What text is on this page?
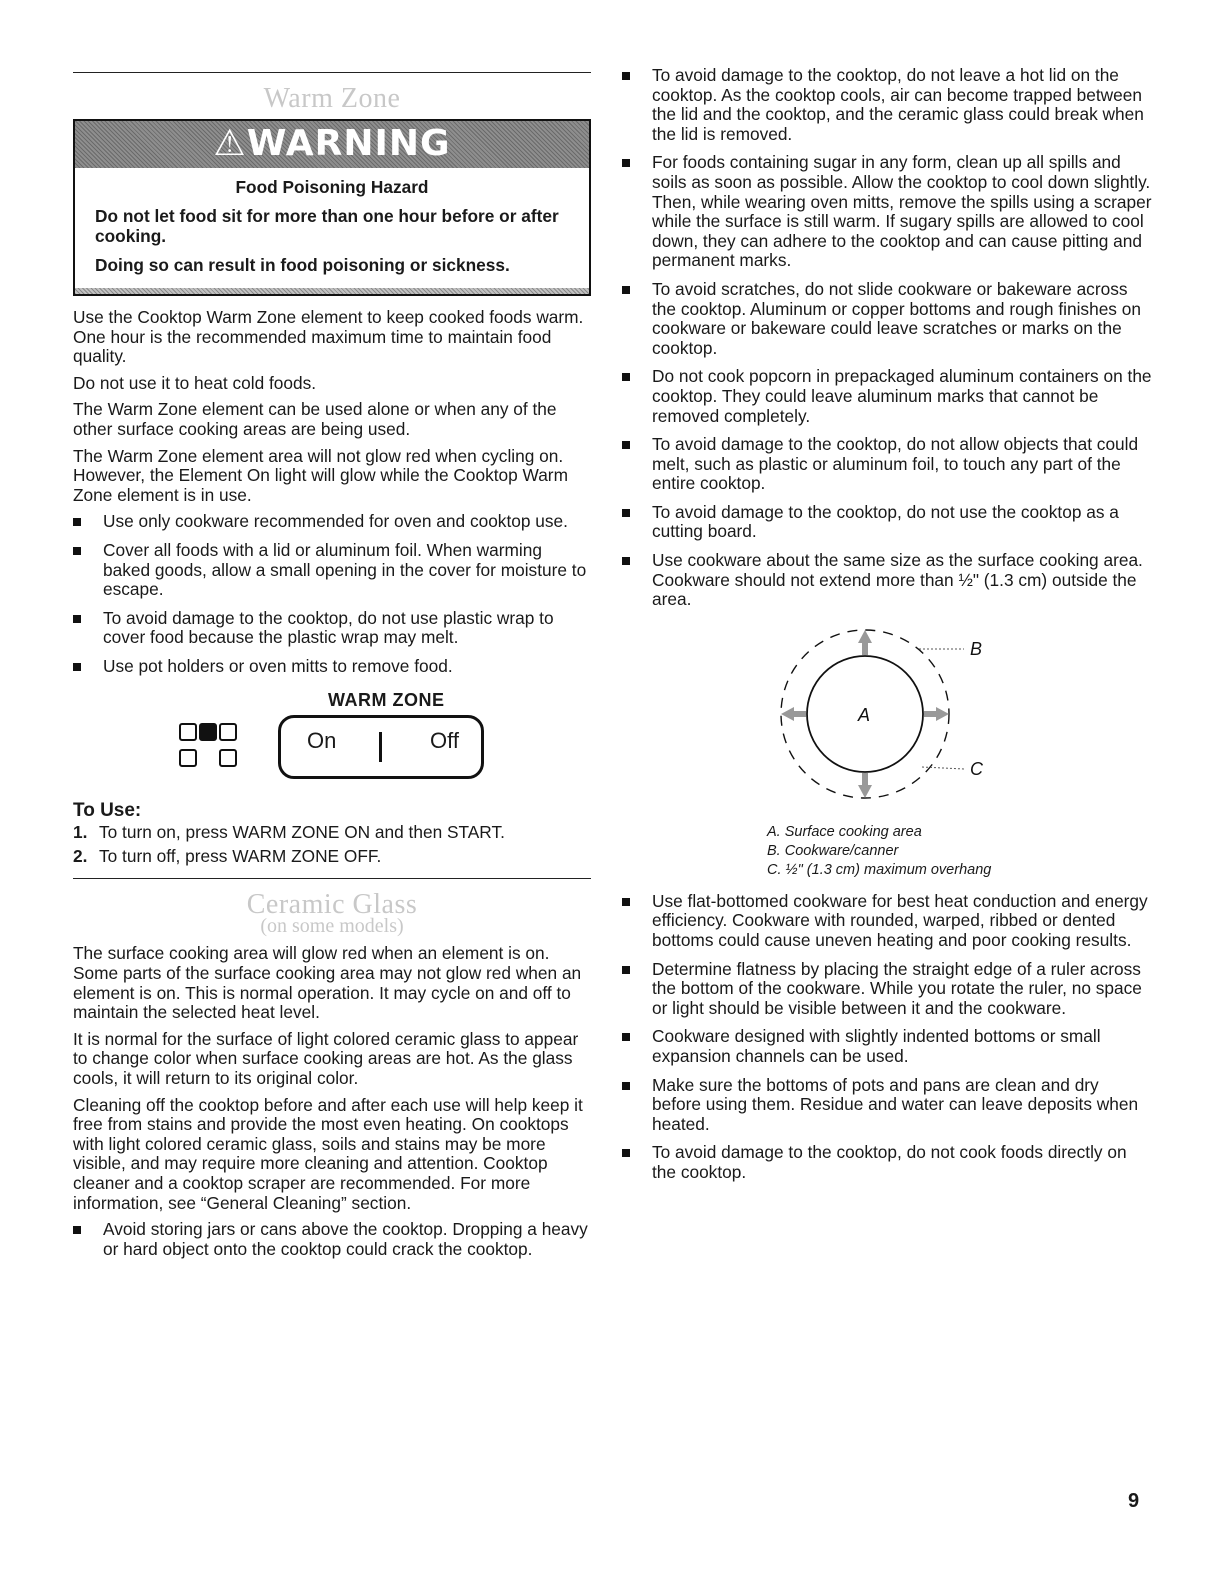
Warm Zone
⚠ WARNING
Food Poisoning Hazard
Do not let food sit for more than one hour before or after cooking.
Doing so can result in food poisoning or sickness.

Use the Cooktop Warm Zone element to keep cooked foods warm. One hour is the recommended maximum time to maintain food quality.

Do not use it to heat cold foods.

The Warm Zone element can be used alone or when any of the other surface cooking areas are being used.

The Warm Zone element area will not glow red when cycling on. However, the Element On light will glow while the Cooktop Warm Zone element is in use.

Use only cookware recommended for oven and cooktop use.
Cover all foods with a lid or aluminum foil. When warming baked goods, allow a small opening in the cover for moisture to escape.
To avoid damage to the cooktop, do not use plastic wrap to cover food because the plastic wrap may melt.
Use pot holders or oven mitts to remove food.
WARM ZONE
On	Off
To Use:
1. To turn on, press WARM ZONE ON and then START.
2. To turn off, press WARM ZONE OFF.
Ceramic Glass
(on some models)

The surface cooking area will glow red when an element is on. Some parts of the surface cooking area may not glow red when an element is on. This is normal operation. It may cycle on and off to maintain the selected heat level.

It is normal for the surface of light colored ceramic glass to appear to change color when surface cooking areas are hot. As the glass cools, it will return to its original color.

Cleaning off the cooktop before and after each use will help keep it free from stains and provide the most even heating. On cooktops with light colored ceramic glass, soils and stains may be more visible, and may require more cleaning and attention. Cooktop cleaner and a cooktop scraper are recommended. For more information, see “General Cleaning” section.

Avoid storing jars or cans above the cooktop. Dropping a heavy or hard object onto the cooktop could crack the cooktop.
To avoid damage to the cooktop, do not leave a hot lid on the cooktop. As the cooktop cools, air can become trapped between the lid and the cooktop, and the ceramic glass could break when the lid is removed.
For foods containing sugar in any form, clean up all spills and soils as soon as possible. Allow the cooktop to cool down slightly. Then, while wearing oven mitts, remove the spills using a scraper while the surface is still warm. If sugary spills are allowed to cool down, they can adhere to the cooktop and can cause pitting and permanent marks.
To avoid scratches, do not slide cookware or bakeware across the cooktop. Aluminum or copper bottoms and rough finishes on cookware or bakeware could leave scratches or marks on the cooktop.
Do not cook popcorn in prepackaged aluminum containers on the cooktop. They could leave aluminum marks that cannot be removed completely.
To avoid damage to the cooktop, do not allow objects that could melt, such as plastic or aluminum foil, to touch any part of the entire cooktop.
To avoid damage to the cooktop, do not use the cooktop as a cutting board.
Use cookware about the same size as the surface cooking area. Cookware should not extend more than ½" (1.3 cm) outside the area.
A
B
C
A. Surface cooking area
B. Cookware/canner
C. ½" (1.3 cm) maximum overhang
Use flat-bottomed cookware for best heat conduction and energy efficiency. Cookware with rounded, warped, ribbed or dented bottoms could cause uneven heating and poor cooking results.
Determine flatness by placing the straight edge of a ruler across the bottom of the cookware. While you rotate the ruler, no space or light should be visible between it and the cookware.
Cookware designed with slightly indented bottoms or small expansion channels can be used.
Make sure the bottoms of pots and pans are clean and dry before using them. Residue and water can leave deposits when heated.
To avoid damage to the cooktop, do not cook foods directly on the cooktop.
9
